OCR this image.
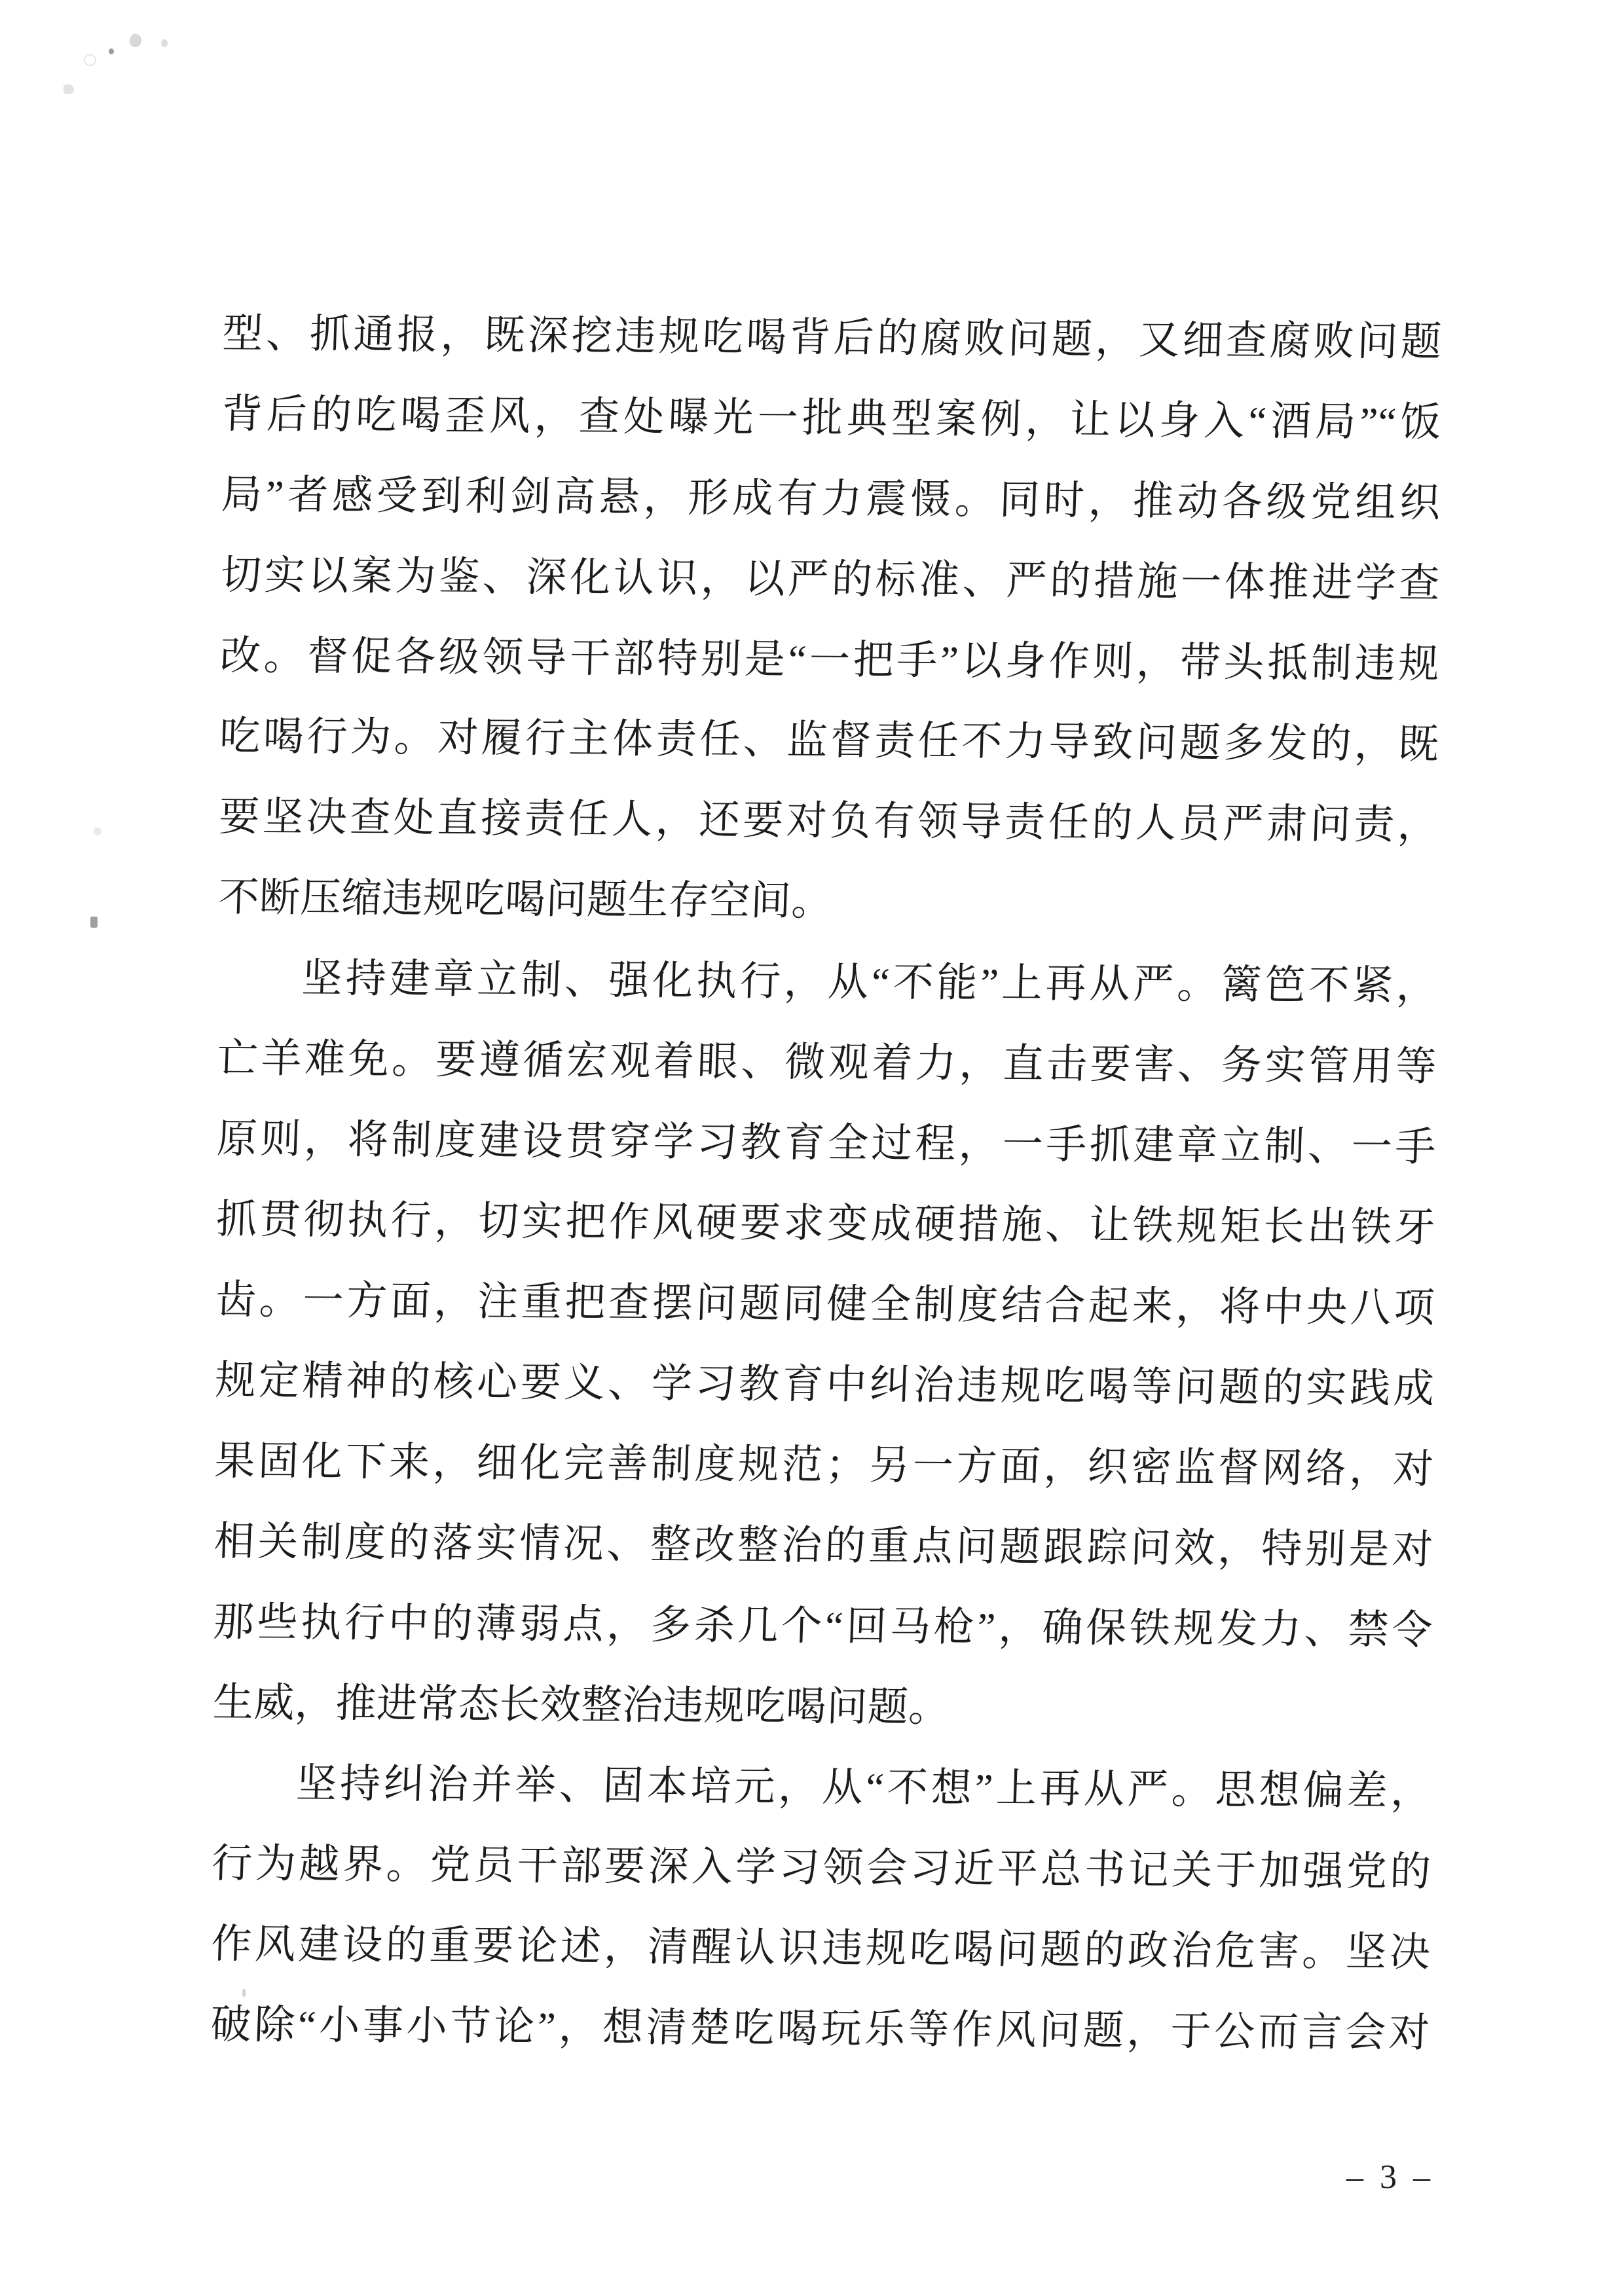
型、抓通报，既深挖违规吃喝背后的腐败问题，又细查腐败问题
背后的吃喝歪风，查处曝光一批典型案例，让以身入“酒局”“饭
局”者感受到利剑高悬，形成有力震慑。同时，推动各级党组织
切实以案为鉴、深化认识，以严的标准、严的措施一体推进学查
改。督促各级领导干部特别是“一把手”以身作则，带头抵制违规
吃喝行为。对履行主体责任、监督责任不力导致问题多发的，既
要坚决查处直接责任人，还要对负有领导责任的人员严肃问责，
不断压缩违规吃喝问题生存空间。
坚持建章立制、强化执行，从“不能”上再从严。篱笆不紧，
亡羊难免。要遵循宏观着眼、微观着力，直击要害、务实管用等
原则，将制度建设贯穿学习教育全过程，一手抓建章立制、一手
抓贯彻执行，切实把作风硬要求变成硬措施、让铁规矩长出铁牙
齿。一方面，注重把查摆问题同健全制度结合起来，将中央八项
规定精神的核心要义、学习教育中纠治违规吃喝等问题的实践成
果固化下来，细化完善制度规范；另一方面，织密监督网络，对
相关制度的落实情况、整改整治的重点问题跟踪问效，特别是对
那些执行中的薄弱点，多杀几个“回马枪”，确保铁规发力、禁令
生威，推进常态长效整治违规吃喝问题。
坚持纠治并举、固本培元，从“不想”上再从严。思想偏差，
行为越界。党员干部要深入学习领会习近平总书记关于加强党的
作风建设的重要论述，清醒认识违规吃喝问题的政治危害。坚决
破除“小事小节论”，想清楚吃喝玩乐等作风问题，于公而言会对
– 3 –
